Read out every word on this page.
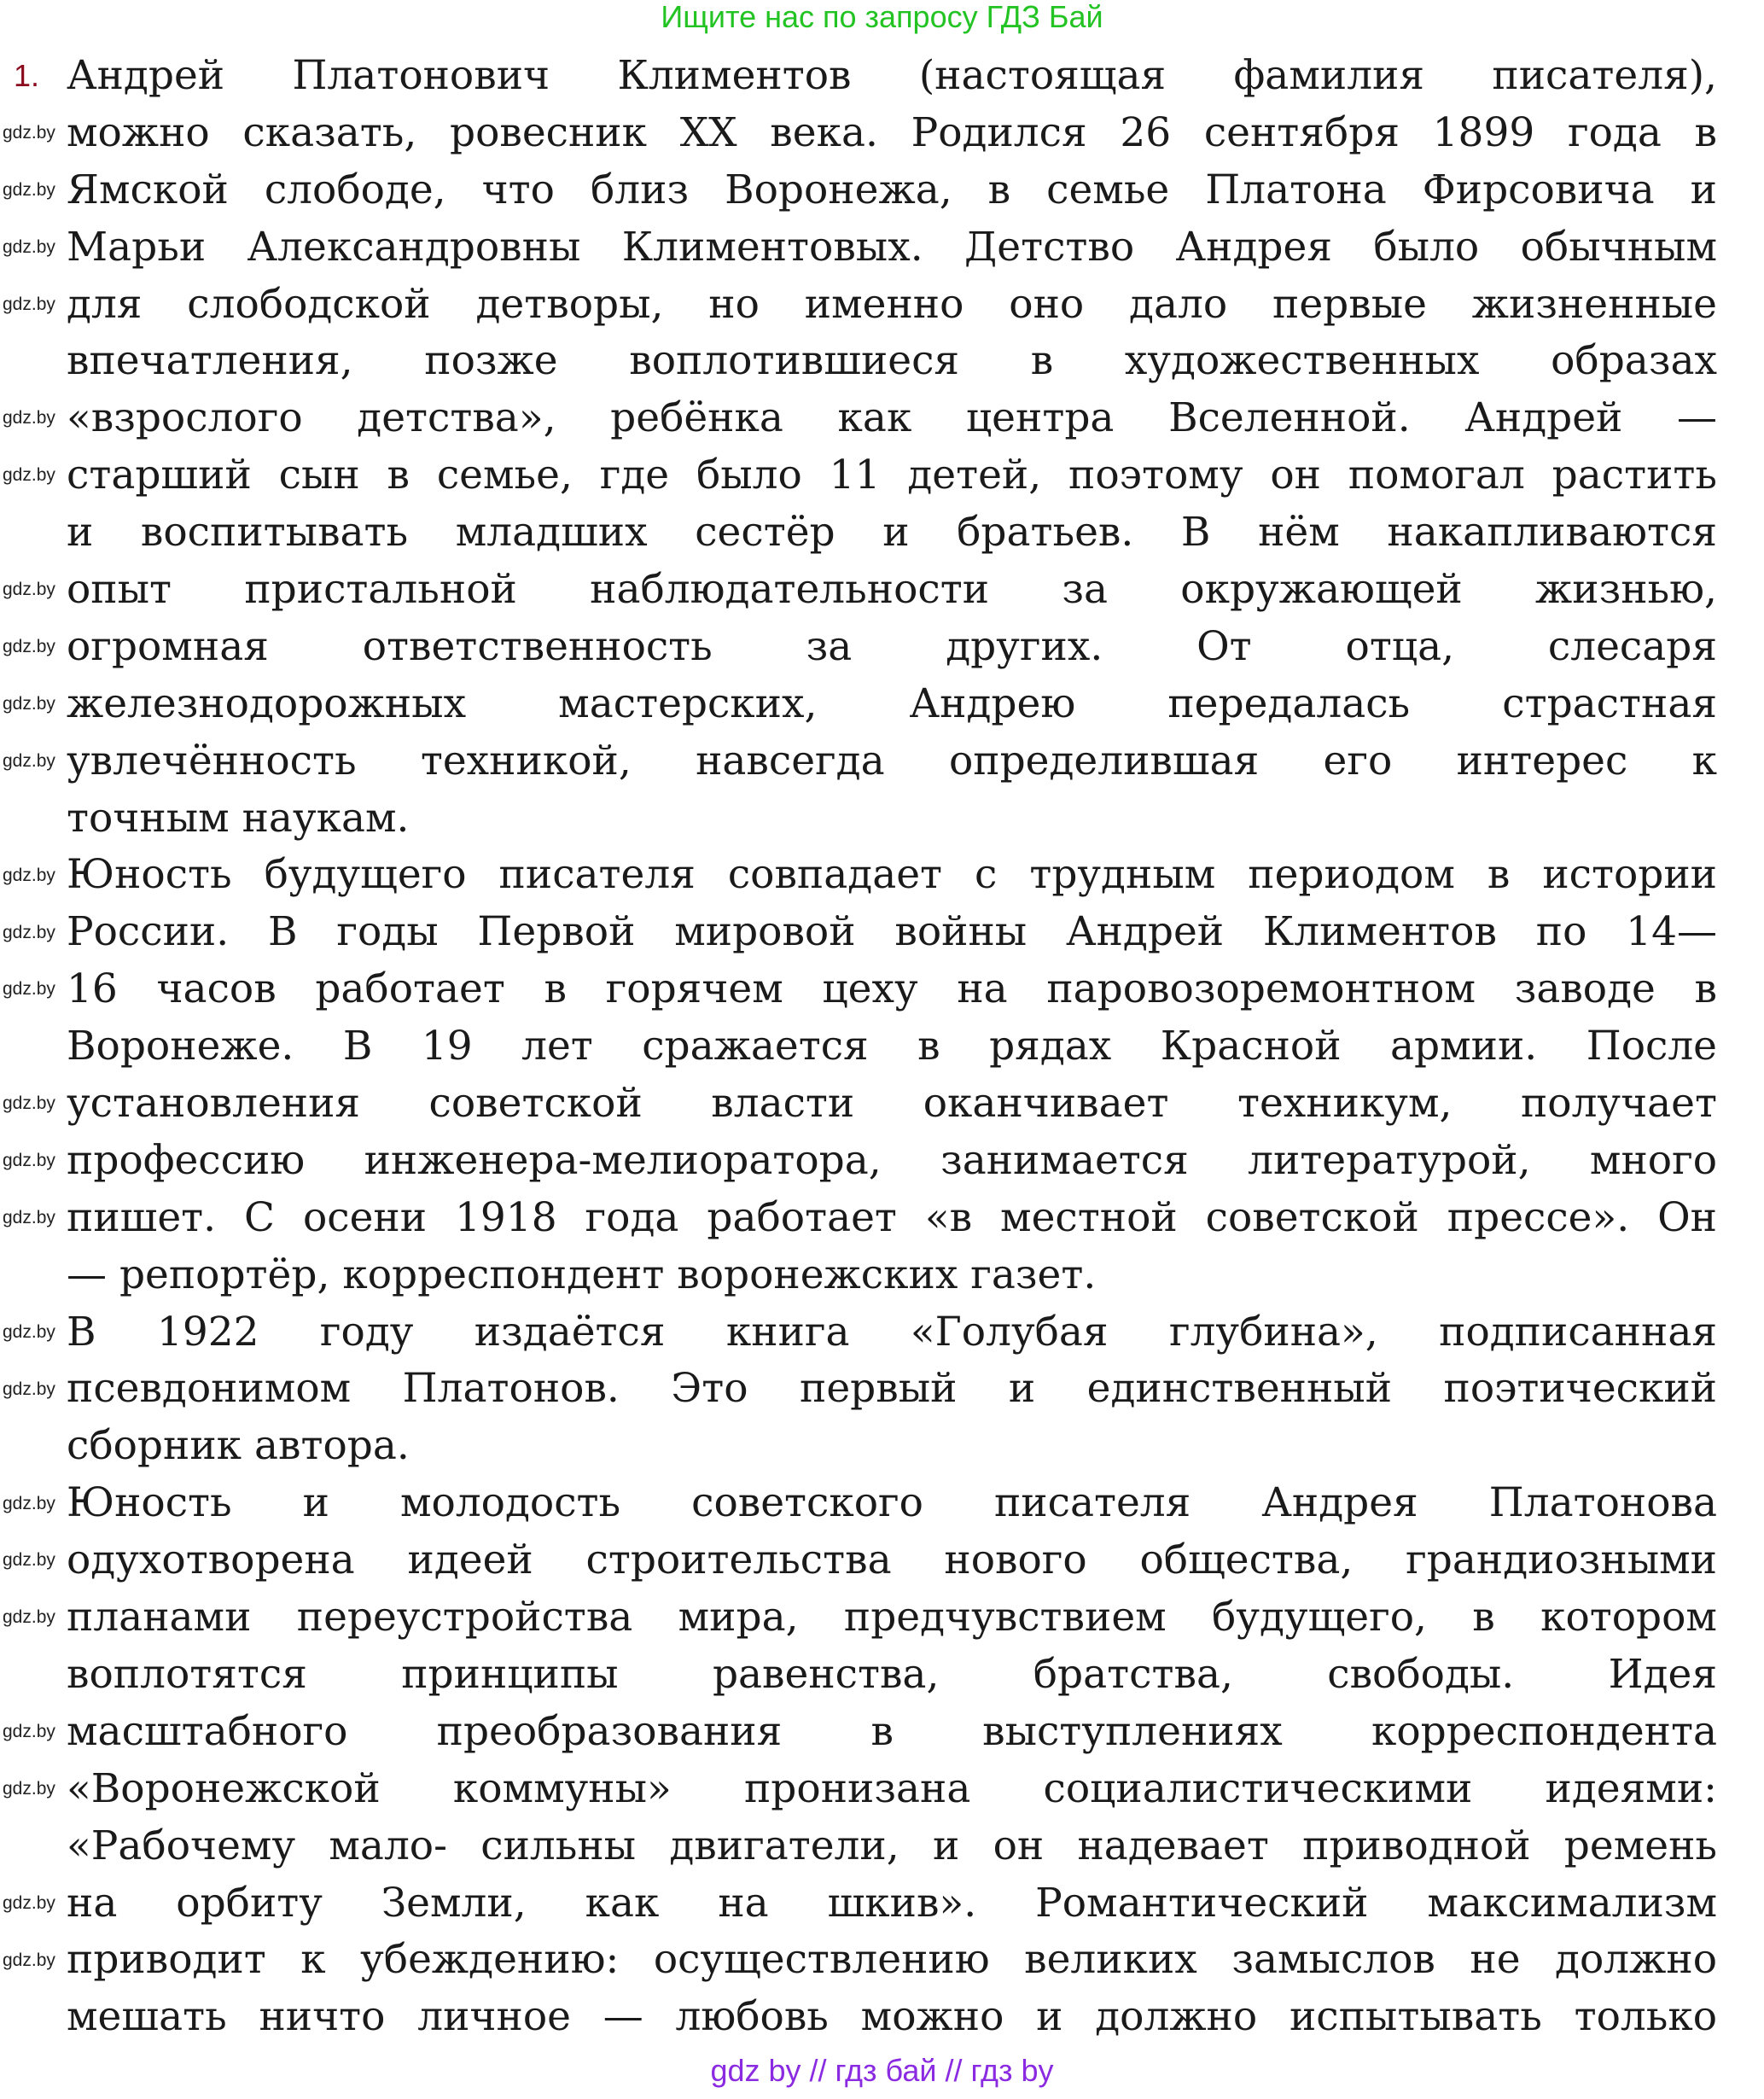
Ищите нас по запросу ГДЗ Бай
1. Андрей Платонович Климентов (настоящая фамилия писателя),
можно сказать, ровесник XX века. Родился 26 сентября 1899 года в
Ямской слободе, что близ Воронежа, в семье Платона Фирсовича и
Марьи Александровны Климентовых. Детство Андрея было обычным
для слободской детворы, но именно оно дало первые жизненные
впечатления, позже воплотившиеся в художественных образах
«взрослого детства», ребёнка как центра Вселенной. Андрей —
старший сын в семье, где было 11 детей, поэтому он помогал растить
и воспитывать младших сестёр и братьев. В нём накапливаются
опыт пристальной наблюдательности за окружающей жизнью,
огромная ответственность за других. От отца, слесаря
железнодорожных мастерских, Андрею передалась страстная
увлечённость техникой, навсегда определившая его интерес к
точным наукам.
Юность будущего писателя совпадает с трудным периодом в истории
России. В годы Первой мировой войны Андрей Климентов по 14—
16 часов работает в горячем цеху на паровозоремонтном заводе в
Воронеже. В 19 лет сражается в рядах Красной армии. После
установления советской власти оканчивает техникум, получает
профессию инженера-мелиоратора, занимается литературой, много
пишет. С осени 1918 года работает «в местной советской прессе». Он
— репортёр, корреспондент воронежских газет.
В 1922 году издаётся книга «Голубая глубина», подписанная
псевдонимом Платонов. Это первый и единственный поэтический
сборник автора.
Юность и молодость советского писателя Андрея Платонова
одухотворена идеей строительства нового общества, грандиозными
планами переустройства мира, предчувствием будущего, в котором
воплотятся принципы равенства, братства, свободы. Идея
масштабного преобразования в выступлениях корреспондента
«Воронежской коммуны» пронизана социалистическими идеями:
«Рабочему мало- сильны двигатели, и он надевает приводной ремень
на орбиту Земли, как на шкив». Романтический максимализм
приводит к убеждению: осуществлению великих замыслов не должно
мешать ничто личное — любовь можно и должно испытывать только
gdz.by
gdz.by
gdz.by
gdz.by
gdz.by
gdz.by
gdz.by
gdz.by
gdz.by
gdz.by
gdz.by
gdz.by
gdz.by
gdz.by
gdz.by
gdz.by
gdz.by
gdz.by
gdz.by
gdz.by
gdz.by
gdz.by
gdz.by
gdz.by
gdz.by
gdz by // гдз бай // гдз by
